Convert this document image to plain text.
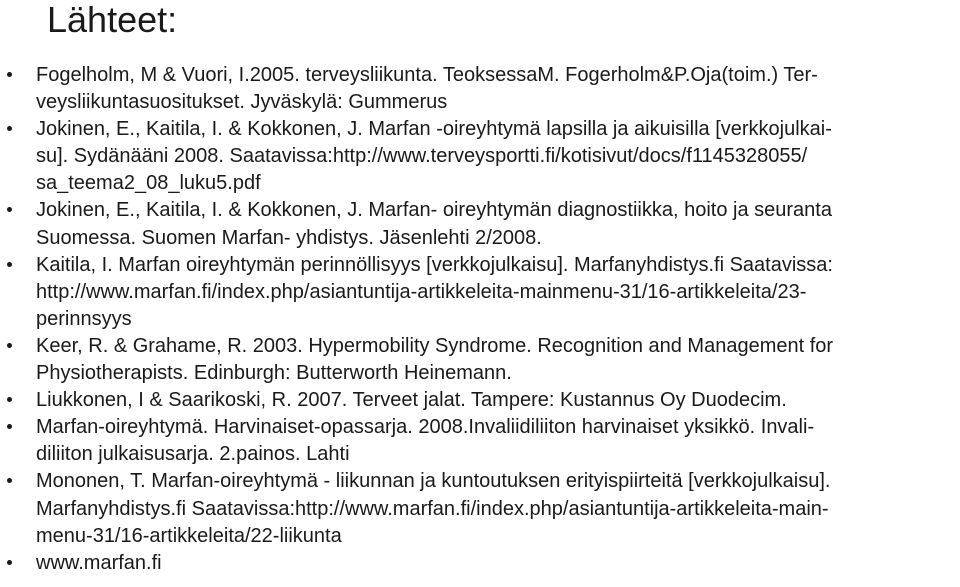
Lähteet:
Fogelholm, M & Vuori, I.2005. terveysliikunta. TeoksessaM. Fogerholm&P.Oja(toim.) Ter-
veysliikuntasuositukset. Jyväskylä: Gummerus
Jokinen, E., Kaitila, I. & Kokkonen, J. Marfan -oireyhtymä lapsilla ja aikuisilla [verkkojulkai-
su]. Sydänääni 2008. Saatavissa:http://www.terveysportti.fi/kotisivut/docs/f1145328055/
sa_teema2_08_luku5.pdf
Jokinen, E., Kaitila, I. & Kokkonen, J. Marfan- oireyhtymän diagnostiikka, hoito ja seuranta
Suomessa. Suomen Marfan- yhdistys. Jäsenlehti 2/2008.
Kaitila, I. Marfan oireyhtymän perinnöllisyys [verkkojulkaisu]. Marfanyhdistys.fi Saatavissa:
http://www.marfan.fi/index.php/asiantuntija-artikkeleita-mainmenu-31/16-artikkeleita/23-
perinnsyys
Keer, R. & Grahame, R. 2003. Hypermobility Syndrome. Recognition and Management for
Physiotherapists. Edinburgh: Butterworth Heinemann.
Liukkonen, I & Saarikoski, R. 2007. Terveet jalat. Tampere: Kustannus Oy Duodecim.
Marfan-oireyhtymä. Harvinaiset-opassarja. 2008.Invaliidiliiton harvinaiset yksikkö. Invali-
diliiton julkaisusarja. 2.painos. Lahti
Mononen, T. Marfan-oireyhtymä - liikunnan ja kuntoutuksen erityispiirteitä [verkkojulkaisu].
Marfanyhdistys.fi Saatavissa:http://www.marfan.fi/index.php/asiantuntija-artikkeleita-main-
menu-31/16-artikkeleita/22-liikunta
www.marfan.fi
